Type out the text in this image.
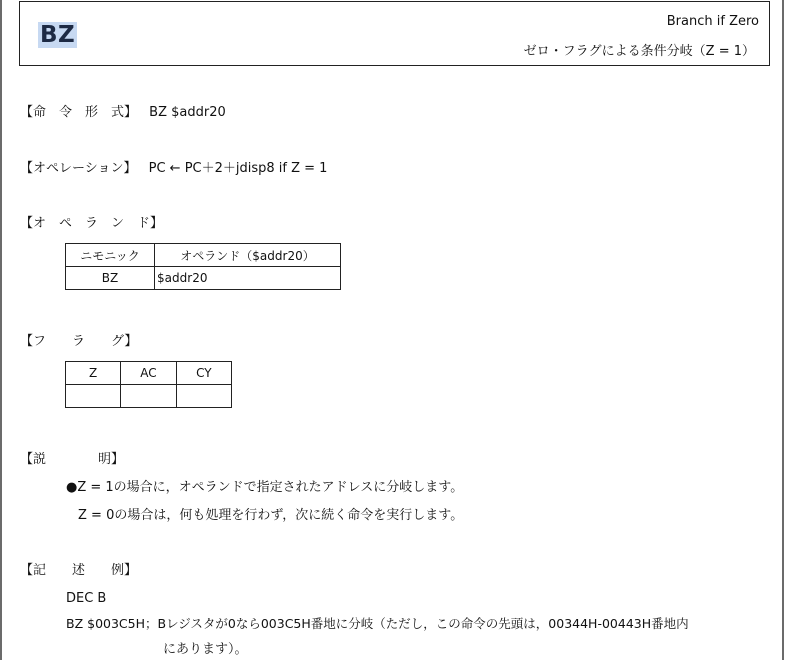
BZ
Branch if Zero
ゼロ・フラグによる条件分岐（Z = 1）
【命　令　形　式】 BZ $addr20
【オペレーション】 PC ← PC＋2＋jdisp8 if Z = 1
【オ　ペ　ラ　ン　ド】
ニモニック	オペランド（$addr20）
BZ	$addr20
【フ　　ラ　　グ】
Z	AC	CY

【説　　　　明】
●Z = 1の場合に，オペランドで指定されたアドレスに分岐します。
Z = 0の場合は，何も処理を行わず，次に続く命令を実行します。
【記　　述　　例】
DEC B
BZ $003C5H；Bレジスタが0なら003C5H番地に分岐（ただし，この命令の先頭は，00344H-00443H番地内
にあります）。
